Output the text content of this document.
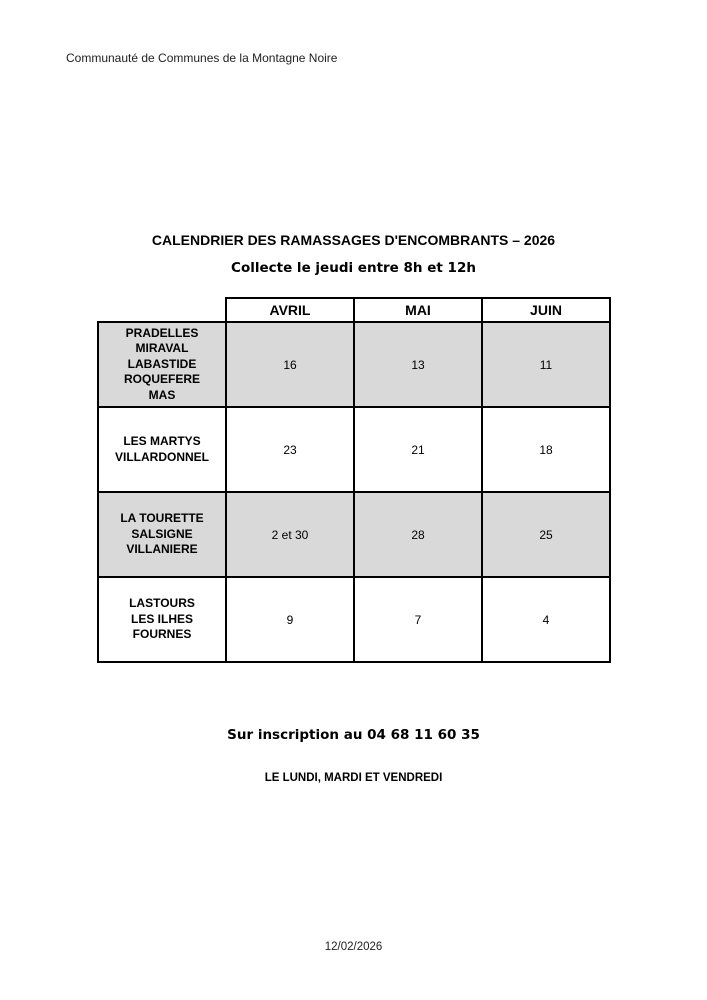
Communauté de Communes de la Montagne Noire
CALENDRIER DES RAMASSAGES D'ENCOMBRANTS – 2026
Collecte le jeudi entre 8h et 12h
	AVRIL	MAI	JUIN

PRADELLES
MIRAVAL
LABASTIDE
ROQUEFERE
MAS	16	13	11

LES MARTYS
VILLARDONNEL	23	21	18

LA TOURETTE
SALSIGNE
VILLANIERE	2 et 30	28	25

LASTOURS
LES ILHES
FOURNES	9	7	4
Sur inscription au 04 68 11 60 35
LE LUNDI, MARDI ET VENDREDI
12/02/2026
